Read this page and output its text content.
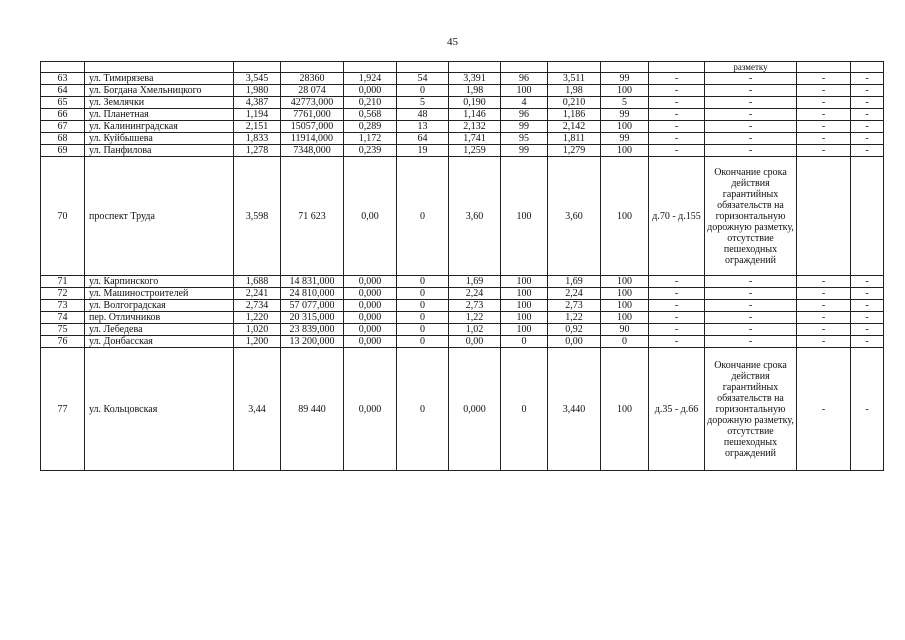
45
											разметку		
63	ул. Тимирязева	3,545	28360	1,924	54	3,391	96	3,511	99	-	-	-	-
64	ул. Богдана Хмельницкого	1,980	28 074	0,000	0	1,98	100	1,98	100	-	-	-	-
65	ул. Землячки	4,387	42773,000	0,210	5	0,190	4	0,210	5	-	-	-	-
66	ул. Планетная	1,194	7761,000	0,568	48	1,146	96	1,186	99	-	-	-	-
67	ул. Калининградская	2,151	15057,000	0,289	13	2,132	99	2,142	100	-	-	-	-
68	ул. Куйбышева	1,833	11914,000	1,172	64	1,741	95	1,811	99	-	-	-	-
69	ул. Панфилова	1,278	7348,000	0,239	19	1,259	99	1,279	100	-	-	-	-
70	проспект Труда	3,598	71 623	0,00	0	3,60	100	3,60	100	д.70 - д.155	Окончание срока действия гарантийных обязательств на горизонтальную дорожную разметку, отсутствие пешеходных ограждений		
71	ул. Карпинского	1,688	14 831,000	0,000	0	1,69	100	1,69	100	-	-	-	-
72	ул. Машиностроителей	2,241	24 810,000	0,000	0	2,24	100	2,24	100	-	-	-	-
73	ул. Волгоградская	2,734	57 077,000	0,000	0	2,73	100	2,73	100	-	-	-	-
74	пер. Отличников	1,220	20 315,000	0,000	0	1,22	100	1,22	100	-	-	-	-
75	ул. Лебедева	1,020	23 839,000	0,000	0	1,02	100	0,92	90	-	-	-	-
76	ул. Донбасская	1,200	13 200,000	0,000	0	0,00	0	0,00	0	-	-	-	-
77	ул. Кольцовская	3,44	89 440	0,000	0	0,000	0	3,440	100	д.35 - д.66	Окончание срока действия гарантийных обязательств на горизонтальную дорожную разметку, отсутствие пешеходных ограждений	-	-
